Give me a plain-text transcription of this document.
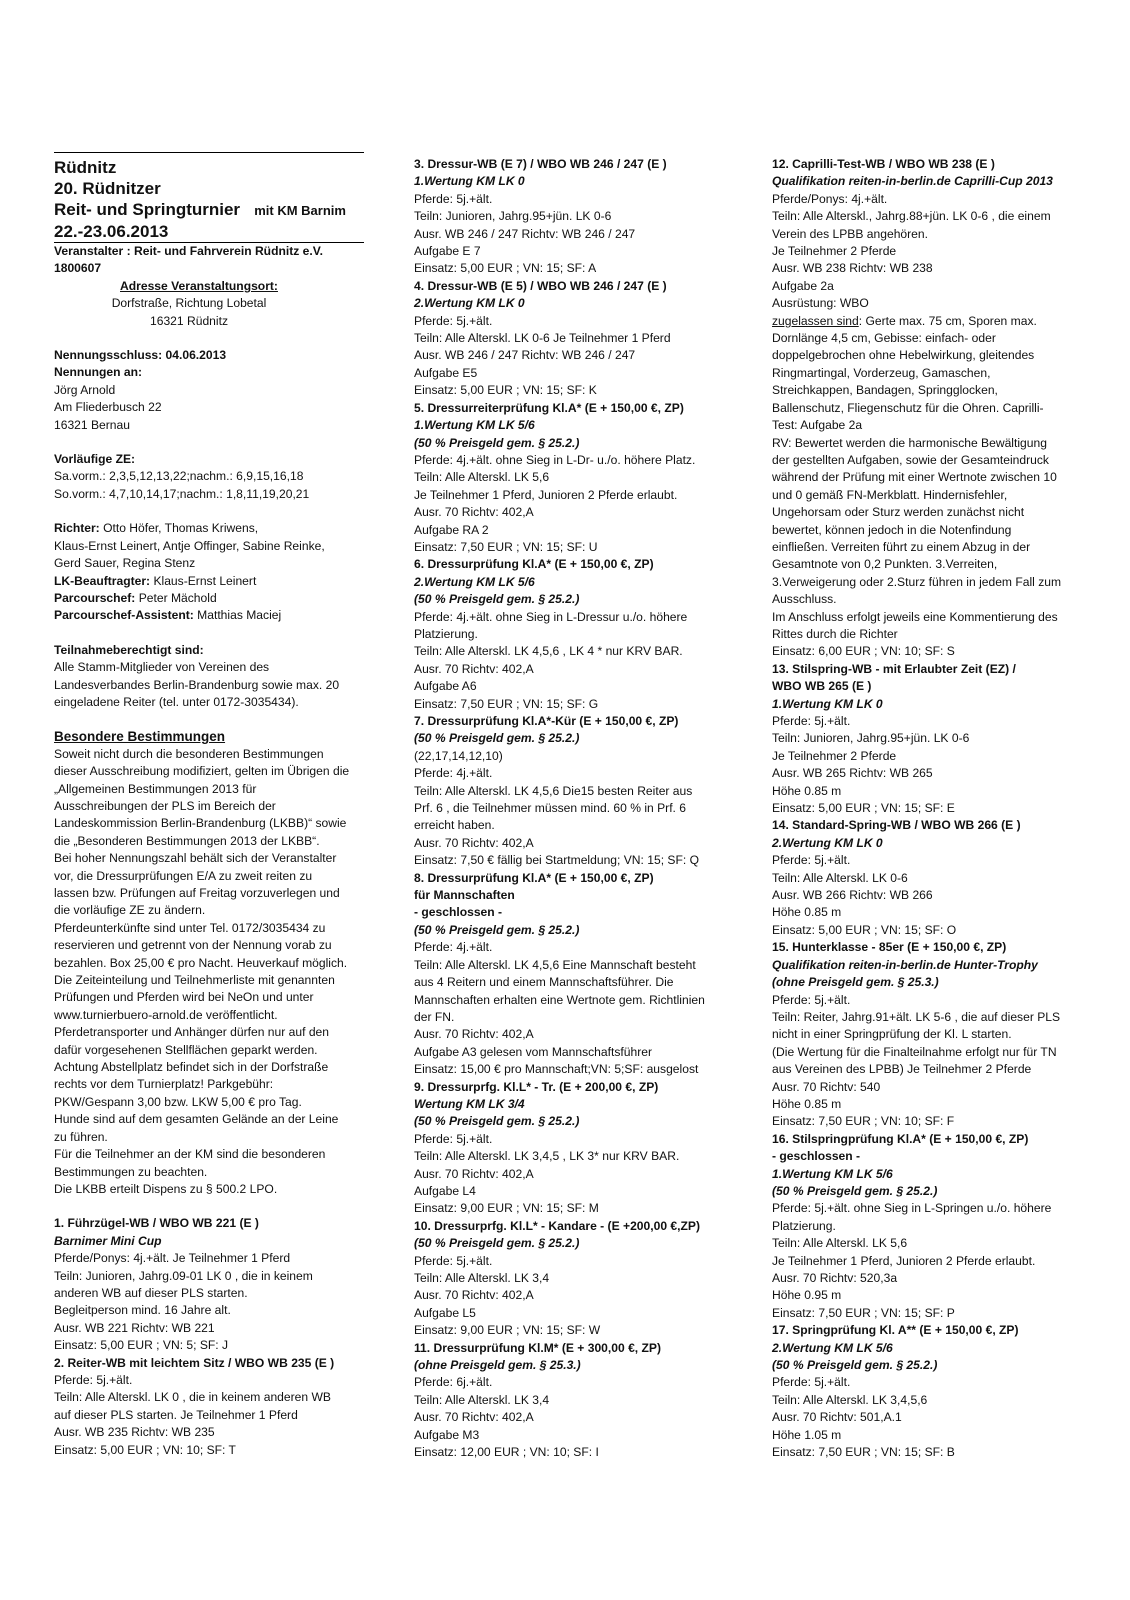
Rüdnitz
20. Rüdnitzer
Reit- und Springturnier mit KM Barnim
22.-23.06.2013
Veranstalter : Reit- und Fahrverein Rüdnitz e.V.
1800607
Adresse Veranstaltungsort:
Dorfstraße, Richtung Lobetal
16321 Rüdnitz
Nennungsschluss: 04.06.2013
Nennungen an:
Jörg Arnold
Am Fliederbusch 22
16321 Bernau
Vorläufige ZE:
Sa.vorm.: 2,3,5,12,13,22;nachm.: 6,9,15,16,18
So.vorm.: 4,7,10,14,17;nachm.: 1,8,11,19,20,21
Richter: Otto Höfer, Thomas Kriwens,
Klaus-Ernst Leinert, Antje Offinger, Sabine Reinke,
Gerd Sauer, Regina Stenz
LK-Beauftragter: Klaus-Ernst Leinert
Parcourschef: Peter Mächold
Parcourschef-Assistent: Matthias Maciej
Teilnahmeberechtigt sind:
Alle Stamm-Mitglieder von Vereinen des
Landesverbandes Berlin-Brandenburg sowie max. 20
eingeladene Reiter (tel. unter 0172-3035434).
Besondere Bestimmungen
Soweit nicht durch die besonderen Bestimmungen
dieser Ausschreibung modifiziert, gelten im Übrigen die
„Allgemeinen Bestimmungen 2013 für
Ausschreibungen der PLS im Bereich der
Landeskommission Berlin-Brandenburg (LKBB)“ sowie
die „Besonderen Bestimmungen 2013 der LKBB“.
Bei hoher Nennungszahl behält sich der Veranstalter
vor, die Dressurprüfungen E/A zu zweit reiten zu
lassen bzw. Prüfungen auf Freitag vorzuverlegen und
die vorläufige ZE zu ändern.
Pferdeunterkünfte sind unter Tel. 0172/3035434 zu
reservieren und getrennt von der Nennung vorab zu
bezahlen. Box 25,00 € pro Nacht. Heuverkauf möglich.
Die Zeiteinteilung und Teilnehmerliste mit genannten
Prüfungen und Pferden wird bei NeOn und unter
www.turnierbuero-arnold.de veröffentlicht.
Pferdetransporter und Anhänger dürfen nur auf den
dafür vorgesehenen Stellflächen geparkt werden.
Achtung Abstellplatz befindet sich in der Dorfstraße
rechts vor dem Turnierplatz! Parkgebühr:
PKW/Gespann 3,00 bzw. LKW 5,00 € pro Tag.
Hunde sind auf dem gesamten Gelände an der Leine
zu führen.
Für die Teilnehmer an der KM sind die besonderen
Bestimmungen zu beachten.
Die LKBB erteilt Dispens zu § 500.2 LPO.
1. Führzügel-WB / WBO WB 221 (E )
Barnimer Mini Cup
Pferde/Ponys: 4j.+ält. Je Teilnehmer 1 Pferd
Teiln: Junioren, Jahrg.09-01 LK 0 , die in keinem
anderen WB auf dieser PLS starten.
Begleitperson mind. 16 Jahre alt.
Ausr. WB 221 Richtv: WB 221
Einsatz: 5,00 EUR ; VN: 5; SF: J
2. Reiter-WB mit leichtem Sitz / WBO WB 235 (E )
Pferde: 5j.+ält.
Teiln: Alle Alterskl. LK 0 , die in keinem anderen WB
auf dieser PLS starten. Je Teilnehmer 1 Pferd
Ausr. WB 235 Richtv: WB 235
Einsatz: 5,00 EUR ; VN: 10; SF: T
3. Dressur-WB (E 7) / WBO WB 246 / 247 (E )
1.Wertung KM LK 0
Pferde: 5j.+ält.
Teiln: Junioren, Jahrg.95+jün. LK 0-6
Ausr. WB 246 / 247 Richtv: WB 246 / 247
Aufgabe E 7
Einsatz: 5,00 EUR ; VN: 15; SF: A
4. Dressur-WB (E 5) / WBO WB 246 / 247 (E )
2.Wertung KM LK 0
Pferde: 5j.+ält.
Teiln: Alle Alterskl. LK 0-6 Je Teilnehmer 1 Pferd
Ausr. WB 246 / 247 Richtv: WB 246 / 247
Aufgabe E5
Einsatz: 5,00 EUR ; VN: 15; SF: K
5. Dressurreiterprüfung Kl.A* (E + 150,00 €, ZP)
1.Wertung KM LK 5/6
(50 % Preisgeld gem. § 25.2.)
Pferde: 4j.+ält. ohne Sieg in L-Dr- u./o. höhere Platz.
Teiln: Alle Alterskl. LK 5,6
Je Teilnehmer 1 Pferd, Junioren 2 Pferde erlaubt.
Ausr. 70 Richtv: 402,A
Aufgabe RA 2
Einsatz: 7,50 EUR ; VN: 15; SF: U
6. Dressurprüfung Kl.A* (E + 150,00 €, ZP)
2.Wertung KM LK 5/6
(50 % Preisgeld gem. § 25.2.)
Pferde: 4j.+ält. ohne Sieg in L-Dressur u./o. höhere
Platzierung.
Teiln: Alle Alterskl. LK 4,5,6 , LK 4 * nur KRV BAR.
Ausr. 70 Richtv: 402,A
Aufgabe A6
Einsatz: 7,50 EUR ; VN: 15; SF: G
7. Dressurprüfung Kl.A*-Kür (E + 150,00 €, ZP)
(50 % Preisgeld gem. § 25.2.)
(22,17,14,12,10)
Pferde: 4j.+ält.
Teiln: Alle Alterskl. LK 4,5,6 Die15 besten Reiter aus
Prf. 6 , die Teilnehmer müssen mind. 60 % in Prf. 6
erreicht haben.
Ausr. 70 Richtv: 402,A
Einsatz: 7,50 € fällig bei Startmeldung; VN: 15; SF: Q
8. Dressurprüfung Kl.A* (E + 150,00 €, ZP)
für Mannschaften
- geschlossen -
(50 % Preisgeld gem. § 25.2.)
Pferde: 4j.+ält.
Teiln: Alle Alterskl. LK 4,5,6 Eine Mannschaft besteht
aus 4 Reitern und einem Mannschaftsführer. Die
Mannschaften erhalten eine Wertnote gem. Richtlinien
der FN.
Ausr. 70 Richtv: 402,A
Aufgabe A3 gelesen vom Mannschaftsführer
Einsatz: 15,00 € pro Mannschaft;VN: 5;SF: ausgelost
9. Dressurprfg. Kl.L* - Tr. (E + 200,00 €, ZP)
Wertung KM LK 3/4
(50 % Preisgeld gem. § 25.2.)
Pferde: 5j.+ält.
Teiln: Alle Alterskl. LK 3,4,5 , LK 3* nur KRV BAR.
Ausr. 70 Richtv: 402,A
Aufgabe L4
Einsatz: 9,00 EUR ; VN: 15; SF: M
10. Dressurprfg. Kl.L* - Kandare - (E +200,00 €,ZP)
(50 % Preisgeld gem. § 25.2.)
Pferde: 5j.+ält.
Teiln: Alle Alterskl. LK 3,4
Ausr. 70 Richtv: 402,A
Aufgabe L5
Einsatz: 9,00 EUR ; VN: 15; SF: W
11. Dressurprüfung Kl.M* (E + 300,00 €, ZP)
(ohne Preisgeld gem. § 25.3.)
Pferde: 6j.+ält.
Teiln: Alle Alterskl. LK 3,4
Ausr. 70 Richtv: 402,A
Aufgabe M3
Einsatz: 12,00 EUR ; VN: 10; SF: I
12. Caprilli-Test-WB / WBO WB 238 (E )
Qualifikation reiten-in-berlin.de Caprilli-Cup 2013
Pferde/Ponys: 4j.+ält.
Teiln: Alle Alterskl., Jahrg.88+jün. LK 0-6 , die einem
Verein des LPBB angehören.
Je Teilnehmer 2 Pferde
Ausr. WB 238 Richtv: WB 238
Aufgabe 2a
Ausrüstung: WBO
zugelassen sind: Gerte max. 75 cm, Sporen max.
Dornlänge 4,5 cm, Gebisse: einfach- oder
doppelgebrochen ohne Hebelwirkung, gleitendes
Ringmartingal, Vorderzeug, Gamaschen,
Streichkappen, Bandagen, Springglocken,
Ballenschutz, Fliegenschutz für die Ohren. Caprilli-
Test: Aufgabe 2a
RV: Bewertet werden die harmonische Bewältigung
der gestellten Aufgaben, sowie der Gesamteindruck
während der Prüfung mit einer Wertnote zwischen 10
und 0 gemäß FN-Merkblatt. Hindernisfehler,
Ungehorsam oder Sturz werden zunächst nicht
bewertet, können jedoch in die Notenfindung
einfließen. Verreiten führt zu einem Abzug in der
Gesamtnote von 0,2 Punkten. 3.Verreiten,
3.Verweigerung oder 2.Sturz führen in jedem Fall zum
Ausschluss.
Im Anschluss erfolgt jeweils eine Kommentierung des
Rittes durch die Richter
Einsatz: 6,00 EUR ; VN: 10; SF: S
13. Stilspring-WB - mit Erlaubter Zeit (EZ) /
WBO WB 265 (E )
1.Wertung KM LK 0
Pferde: 5j.+ält.
Teiln: Junioren, Jahrg.95+jün. LK 0-6
Je Teilnehmer 2 Pferde
Ausr. WB 265 Richtv: WB 265
Höhe 0.85 m
Einsatz: 5,00 EUR ; VN: 15; SF: E
14. Standard-Spring-WB / WBO WB 266 (E )
2.Wertung KM LK 0
Pferde: 5j.+ält.
Teiln: Alle Alterskl. LK 0-6
Ausr. WB 266 Richtv: WB 266
Höhe 0.85 m
Einsatz: 5,00 EUR ; VN: 15; SF: O
15. Hunterklasse - 85er (E + 150,00 €, ZP)
Qualifikation reiten-in-berlin.de Hunter-Trophy
(ohne Preisgeld gem. § 25.3.)
Pferde: 5j.+ält.
Teiln: Reiter, Jahrg.91+ält. LK 5-6 , die auf dieser PLS
nicht in einer Springprüfung der Kl. L starten.
(Die Wertung für die Finalteilnahme erfolgt nur für TN
aus Vereinen des LPBB) Je Teilnehmer 2 Pferde
Ausr. 70 Richtv: 540
Höhe 0.85 m
Einsatz: 7,50 EUR ; VN: 10; SF: F
16. Stilspringprüfung Kl.A* (E + 150,00 €, ZP)
- geschlossen -
1.Wertung KM LK 5/6
(50 % Preisgeld gem. § 25.2.)
Pferde: 5j.+ält. ohne Sieg in L-Springen u./o. höhere
Platzierung.
Teiln: Alle Alterskl. LK 5,6
Je Teilnehmer 1 Pferd, Junioren 2 Pferde erlaubt.
Ausr. 70 Richtv: 520,3a
Höhe 0.95 m
Einsatz: 7,50 EUR ; VN: 15; SF: P
17. Springprüfung Kl. A** (E + 150,00 €, ZP)
2.Wertung KM LK 5/6
(50 % Preisgeld gem. § 25.2.)
Pferde: 5j.+ält.
Teiln: Alle Alterskl. LK 3,4,5,6
Ausr. 70 Richtv: 501,A.1
Höhe 1.05 m
Einsatz: 7,50 EUR ; VN: 15; SF: B
